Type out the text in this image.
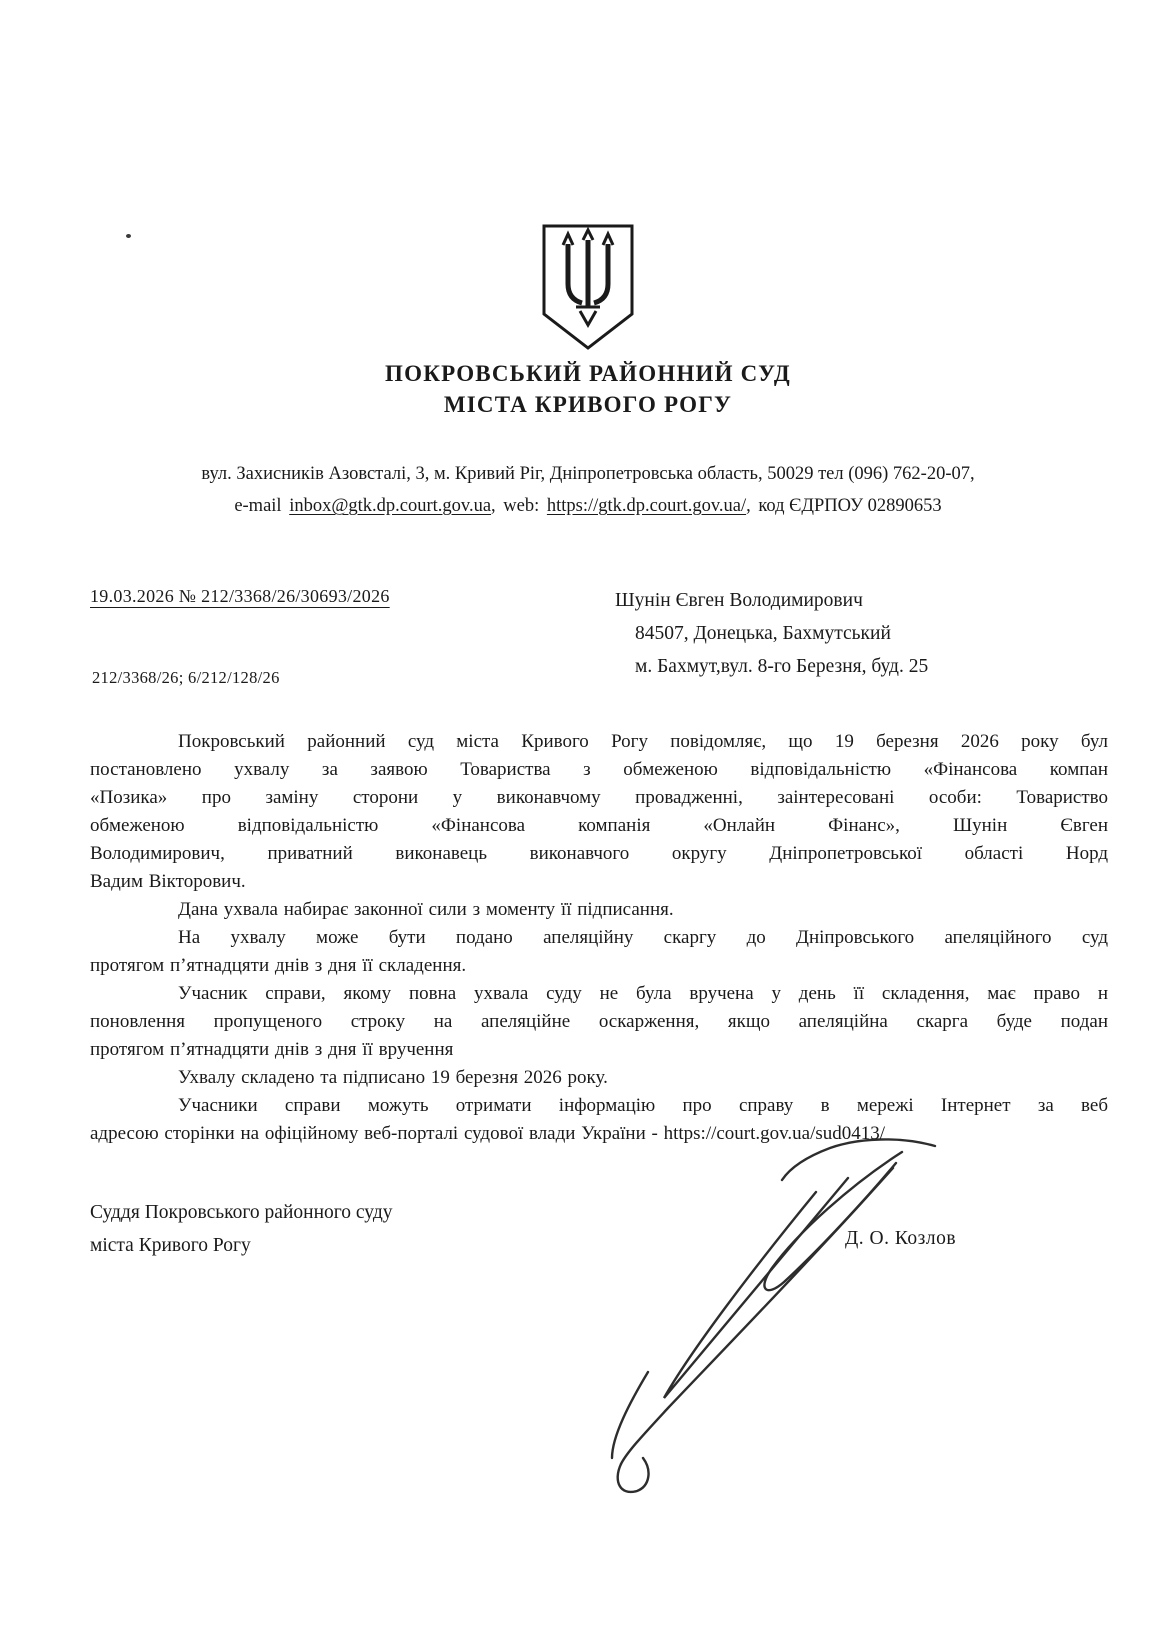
ПОКРОВСЬКИЙ РАЙОННИЙ СУД
МІСТА КРИВОГО РОГУ
вул. Захисників Азовсталі, 3, м. Кривий Ріг, Дніпропетровська область, 50029 тел (096) 762-20-07,
e-mail inbox@gtk.dp.court.gov.ua, web: https://gtk.dp.court.gov.ua/, код ЄДРПОУ 02890653
19.03.2026 № 212/3368/26/30693/2026	Шунін Євген Володимирович
84507, Донецька, Бахмутський
м. Бахмут,вул. 8-го Березня, буд. 25
212/3368/26; 6/212/128/26
Покровський районний суд міста Кривого Рогу повідомляє, що 19 березня 2026 року бул
постановлено ухвалу за заявою Товариства з обмеженою відповідальністю «Фінансова компан
«Позика» про заміну сторони у виконавчому провадженні, заінтересовані особи: Товариство
обмеженою відповідальністю «Фінансова компанія «Онлайн Фінанс», Шунін Євген
Володимирович, приватний виконавець виконавчого округу Дніпропетровської області Норд
Вадим Вікторович.
Дана ухвала набирає законної сили з моменту її підписання.
На ухвалу може бути подано апеляційну скаргу до Дніпровського апеляційного суд
протягом п’ятнадцяти днів з дня її складення.
Учасник справи, якому повна ухвала суду не була вручена у день її складення, має право н
поновлення пропущеного строку на апеляційне оскарження, якщо апеляційна скарга буде подан
протягом п’ятнадцяти днів з дня її вручення
Ухвалу складено та підписано 19 березня 2026 року.
Учасники справи можуть отримати інформацію про справу в мережі Інтернет за веб
адресою сторінки на офіційному веб-порталі судової влади України - https://court.gov.ua/sud0413/
Суддя Покровського районного суду
міста Кривого Рогу	Д. О. Козлов
